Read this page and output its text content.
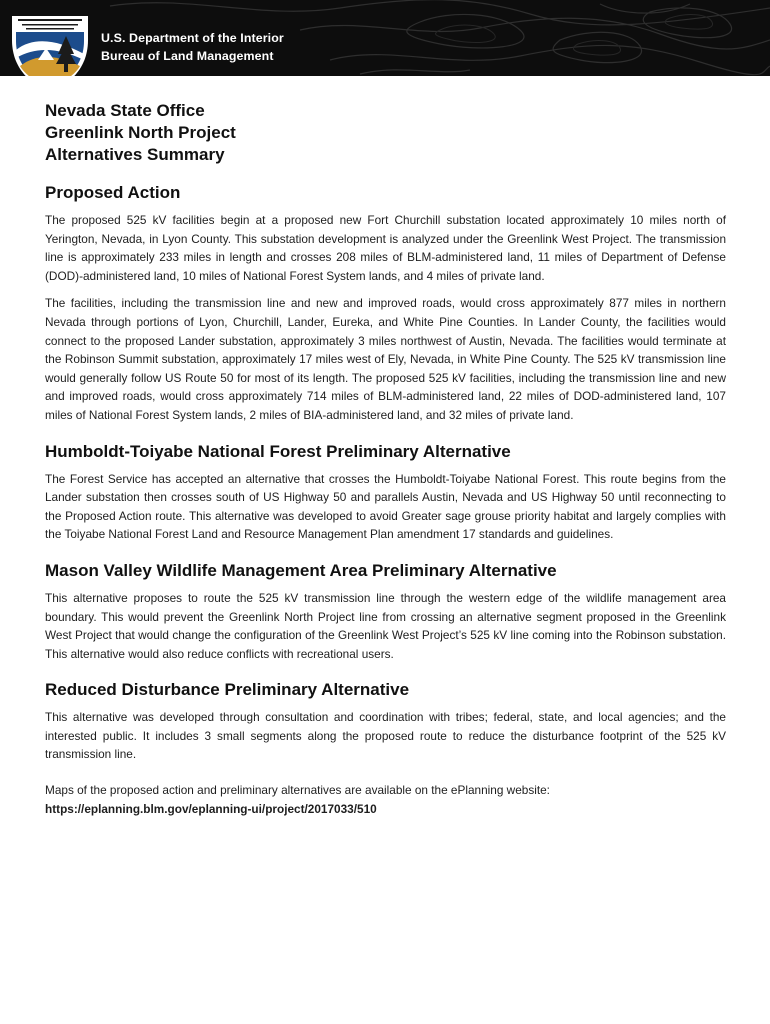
U.S. Department of the Interior
Bureau of Land Management
Nevada State Office
Greenlink North Project
Alternatives Summary
Proposed Action

The proposed 525 kV facilities begin at a proposed new Fort Churchill substation located approximately 10 miles north of Yerington, Nevada, in Lyon County. This substation development is analyzed under the Greenlink West Project. The transmission line is approximately 233 miles in length and crosses 208 miles of BLM-administered land, 11 miles of Department of Defense (DOD)-administered land, 10 miles of National Forest System lands, and 4 miles of private land.

The facilities, including the transmission line and new and improved roads, would cross approximately 877 miles in northern Nevada through portions of Lyon, Churchill, Lander, Eureka, and White Pine Counties. In Lander County, the facilities would connect to the proposed Lander substation, approximately 3 miles northwest of Austin, Nevada. The facilities would terminate at the Robinson Summit substation, approximately 17 miles west of Ely, Nevada, in White Pine County. The 525 kV transmission line would generally follow US Route 50 for most of its length. The proposed 525 kV facilities, including the transmission line and new and improved roads, would cross approximately 714 miles of BLM-administered land, 22 miles of DOD-administered land, 107 miles of National Forest System lands, 2 miles of BIA-administered land, and 32 miles of private land.

Humboldt-Toiyabe National Forest Preliminary Alternative

The Forest Service has accepted an alternative that crosses the Humboldt-Toiyabe National Forest. This route begins from the Lander substation then crosses south of US Highway 50 and parallels Austin, Nevada and US Highway 50 until reconnecting to the Proposed Action route. This alternative was developed to avoid Greater sage grouse priority habitat and largely complies with the Toiyabe National Forest Land and Resource Management Plan amendment 17 standards and guidelines.

Mason Valley Wildlife Management Area Preliminary Alternative

This alternative proposes to route the 525 kV transmission line through the western edge of the wildlife management area boundary. This would prevent the Greenlink North Project line from crossing an alternative segment proposed in the Greenlink West Project that would change the configuration of the Greenlink West Project’s 525 kV line coming into the Robinson substation. This alternative would also reduce conflicts with recreational users.

Reduced Disturbance Preliminary Alternative

This alternative was developed through consultation and coordination with tribes; federal, state, and local agencies; and the interested public. It includes 3 small segments along the proposed route to reduce the disturbance footprint of the 525 kV transmission line.

Maps of the proposed action and preliminary alternatives are available on the ePlanning website:
https://eplanning.blm.gov/eplanning-ui/project/2017033/510
